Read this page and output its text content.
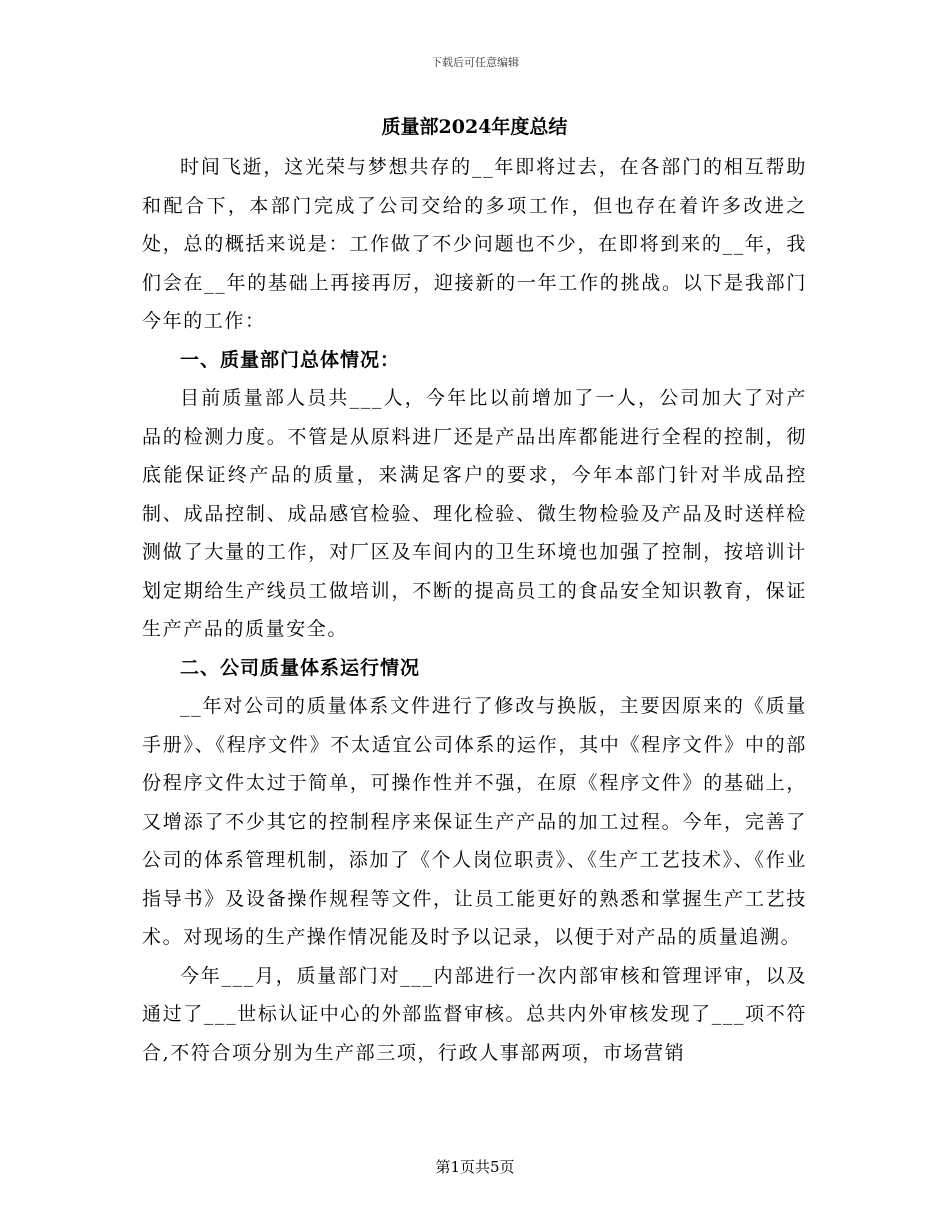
下载后可任意编辑
质量部2024年度总结

时间飞逝，这光荣与梦想共存的__年即将过去，在各部门的相互帮助和配合下，本部门完成了公司交给的多项工作，但也存在着许多改进之处，总的概括来说是：工作做了不少问题也不少，在即将到来的__年，我们会在__年的基础上再接再厉，迎接新的一年工作的挑战。以下是我部门今年的工作：

一、质量部门总体情况：

目前质量部人员共___人，今年比以前增加了一人，公司加大了对产品的检测力度。不管是从原料进厂还是产品出库都能进行全程的控制，彻底能保证终产品的质量，来满足客户的要求，今年本部门针对半成品控制、成品控制、成品感官检验、理化检验、微生物检验及产品及时送样检测做了大量的工作，对厂区及车间内的卫生环境也加强了控制，按培训计划定期给生产线员工做培训，不断的提高员工的食品安全知识教育，保证生产产品的质量安全。

二、公司质量体系运行情况

__年对公司的质量体系文件进行了修改与换版，主要因原来的《质量手册》、《程序文件》不太适宜公司体系的运作，其中《程序文件》中的部份程序文件太过于简单，可操作性并不强，在原《程序文件》的基础上，又增添了不少其它的控制程序来保证生产产品的加工过程。今年，完善了公司的体系管理机制，添加了《个人岗位职责》、《生产工艺技术》、《作业指导书》及设备操作规程等文件，让员工能更好的熟悉和掌握生产工艺技术。对现场的生产操作情况能及时予以记录，以便于对产品的质量追溯。

今年___月，质量部门对___内部进行一次内部审核和管理评审，以及通过了___世标认证中心的外部监督审核。总共内外审核发现了___项不符合,不符合项分别为生产部三项，行政人事部两项，市场营销

第1页共5页
